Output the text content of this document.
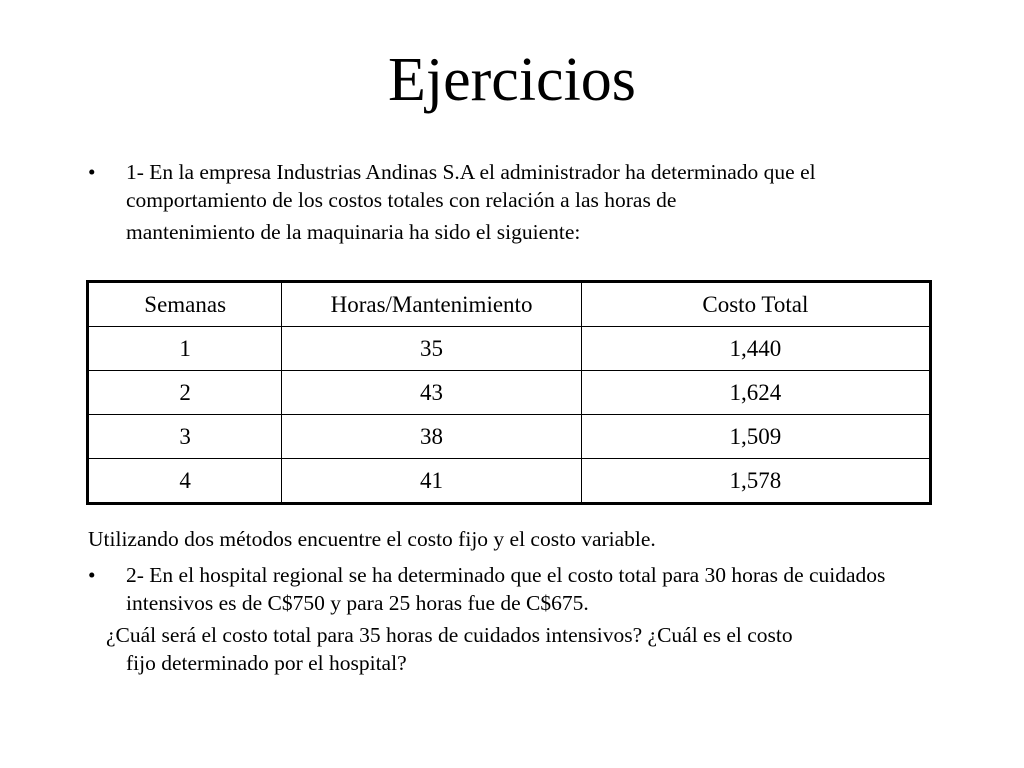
Ejercicios
•	1- En la empresa Industrias Andinas S.A el administrador ha determinado que el comportamiento de los costos totales con relación a las horas de
mantenimiento de la maquinaria ha sido el siguiente:
Semanas	Horas/Mantenimiento	Costo Total
1	35	1,440
2	43	1,624
3	38	1,509
4	41	1,578
Utilizando dos métodos encuentre el costo fijo y el costo variable.
•	2- En el hospital regional se ha determinado que el costo total para 30 horas de cuidados intensivos es de C$750 y para 25 horas fue de C$675.
¿Cuál será el costo total para 35 horas de cuidados intensivos? ¿Cuál es el costo
fijo determinado por el hospital?
